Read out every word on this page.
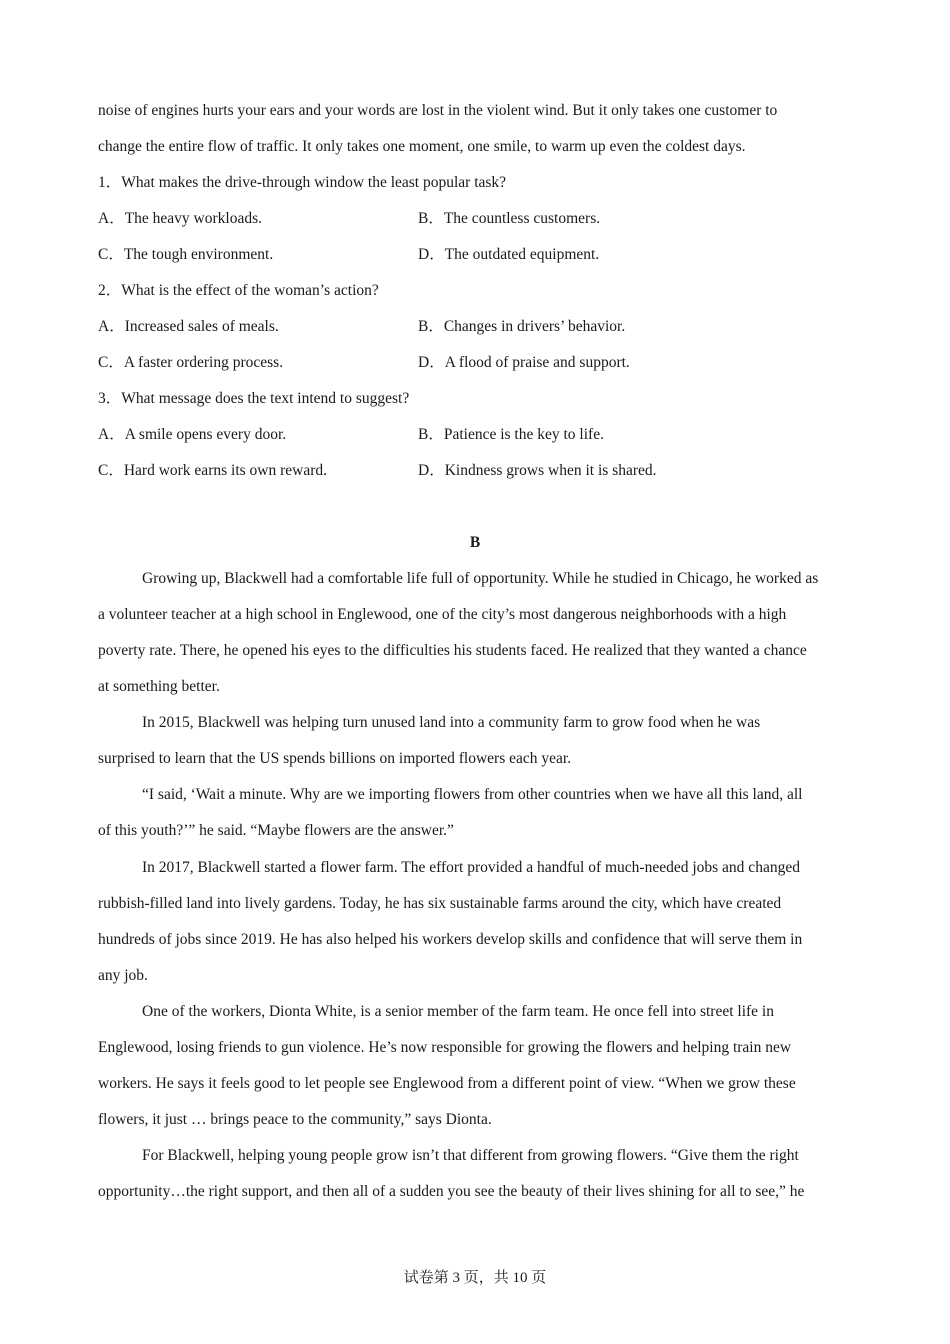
noise of engines hurts your ears and your words are lost in the violent wind. But it only takes one customer to
change the entire flow of traffic. It only takes one moment, one smile, to warm up even the coldest days.
1．What makes the drive-through window the least popular task?
A．The heavy workloads.	B．The countless customers.
C．The tough environment.	D．The outdated equipment.
2．What is the effect of the woman’s action?
A．Increased sales of meals.	B．Changes in drivers’ behavior.
C．A faster ordering process.	D．A flood of praise and support.
3．What message does the text intend to suggest?
A．A smile opens every door.	B．Patience is the key to life.
C．Hard work earns its own reward.	D．Kindness grows when it is shared.
B
Growing up, Blackwell had a comfortable life full of opportunity. While he studied in Chicago, he worked as
a volunteer teacher at a high school in Englewood, one of the city’s most dangerous neighborhoods with a high
poverty rate. There, he opened his eyes to the difficulties his students faced. He realized that they wanted a chance
at something better.
In 2015, Blackwell was helping turn unused land into a community farm to grow food when he was
surprised to learn that the US spends billions on imported flowers each year.
“I said, ‘Wait a minute. Why are we importing flowers from other countries when we have all this land, all
of this youth?’” he said. “Maybe flowers are the answer.”
In 2017, Blackwell started a flower farm. The effort provided a handful of much-needed jobs and changed
rubbish-filled land into lively gardens. Today, he has six sustainable farms around the city, which have created
hundreds of jobs since 2019. He has also helped his workers develop skills and confidence that will serve them in
any job.
One of the workers, Dionta White, is a senior member of the farm team. He once fell into street life in
Englewood, losing friends to gun violence. He’s now responsible for growing the flowers and helping train new
workers. He says it feels good to let people see Englewood from a different point of view. “When we grow these
flowers, it just … brings peace to the community,” says Dionta.
For Blackwell, helping young people grow isn’t that different from growing flowers. “Give them the right
opportunity…the right support, and then all of a sudden you see the beauty of their lives shining for all to see,” he
试卷第 3 页，共 10 页
